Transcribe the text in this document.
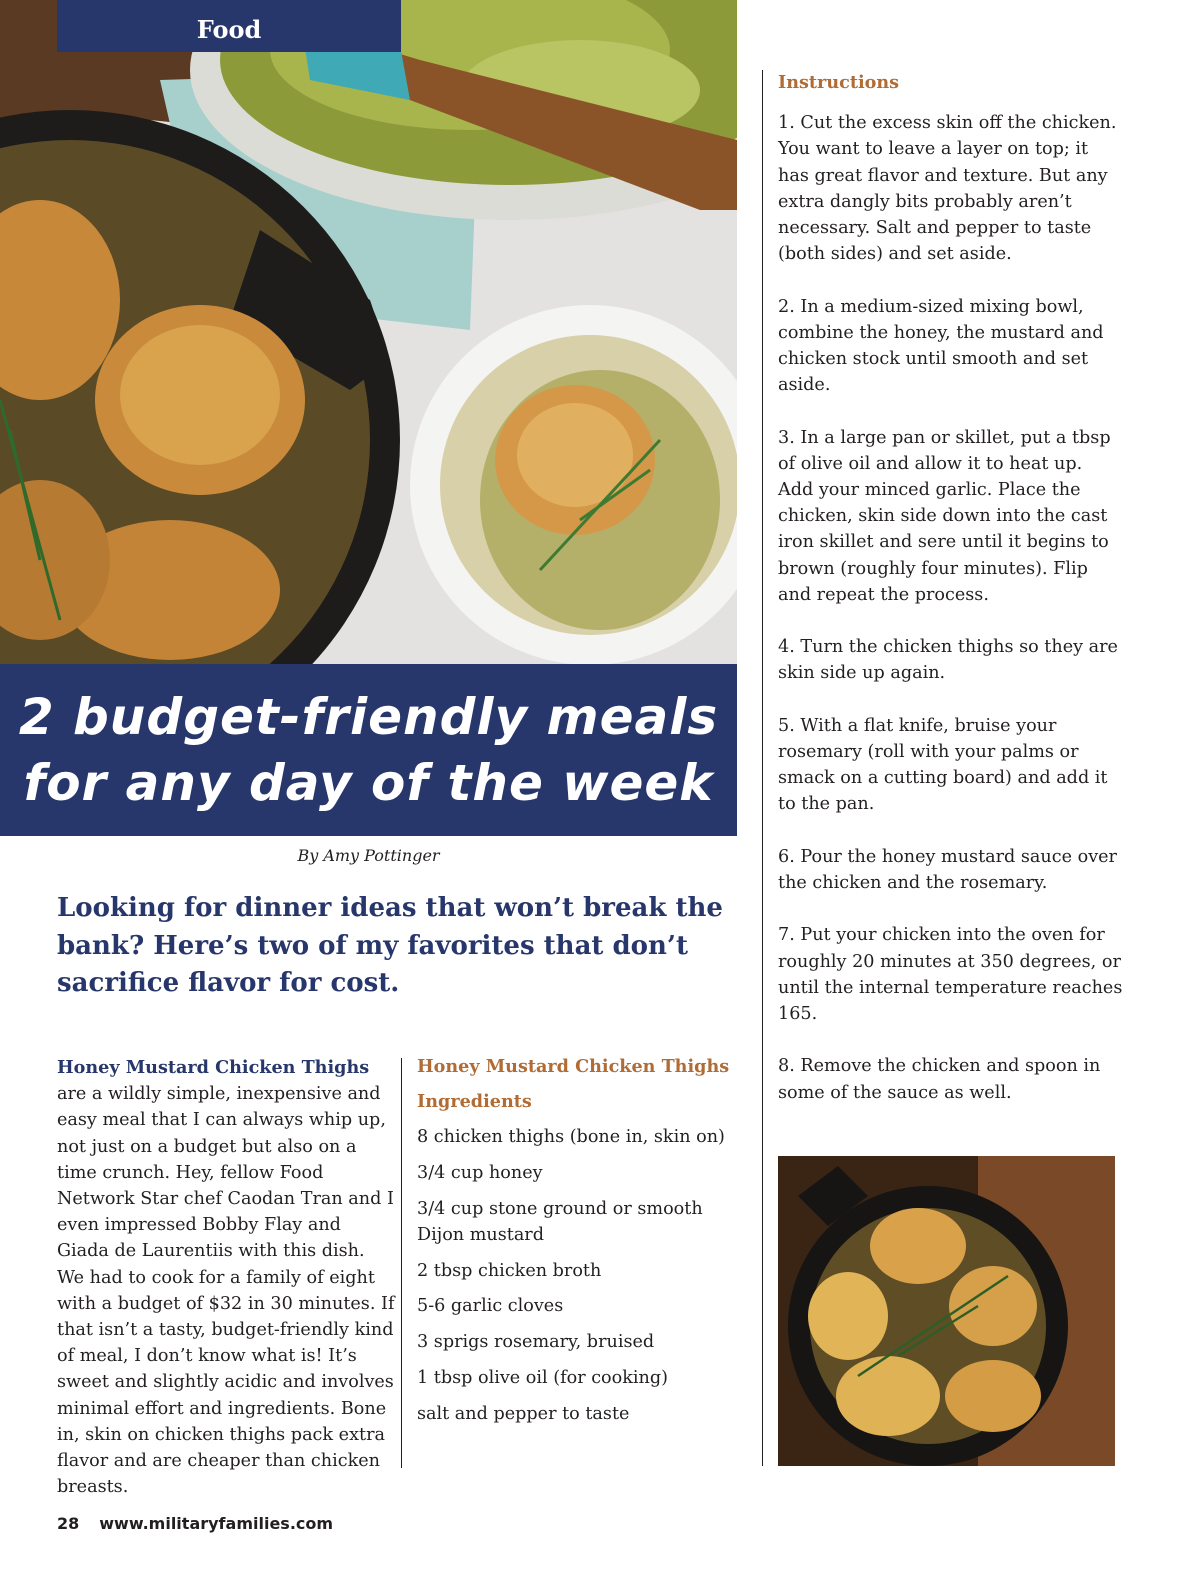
Food
2 budget-friendly meals
for any day of the week
By Amy Pottinger
Looking for dinner ideas that won’t break the bank? Here’s two of my favorites that don’t sacrifice flavor for cost.

Honey Mustard Chicken Thighs
are a wildly simple, inexpensive and easy meal that I can always whip up, not just on a budget but also on a time crunch. Hey, fellow Food Network Star chef Caodan Tran and I even impressed Bobby Flay and Giada de Laurentiis with this dish. We had to cook for a family of eight with a budget of $32 in 30 minutes. If that isn’t a tasty, budget-friendly kind of meal, I don’t know what is! It’s sweet and slightly acidic and involves minimal effort and ingredients. Bone in, skin on chicken thighs pack extra flavor and are cheaper than chicken breasts.

Honey Mustard Chicken Thighs
Ingredients
8 chicken thighs (bone in, skin on)
3/4 cup honey
3/4 cup stone ground or smooth Dijon mustard
2 tbsp chicken broth
5-6 garlic cloves
3 sprigs rosemary, bruised
1 tbsp olive oil (for cooking)
salt and pepper to taste
Instructions
1. Cut the excess skin off the chicken. You want to leave a layer on top; it has great flavor and texture. But any extra dangly bits probably aren’t necessary. Salt and pepper to taste (both sides) and set aside.
2. In a medium-sized mixing bowl, combine the honey, the mustard and chicken stock until smooth and set aside.
3. In a large pan or skillet, put a tbsp of olive oil and allow it to heat up. Add your minced garlic. Place the chicken, skin side down into the cast iron skillet and sere until it begins to brown (roughly four minutes). Flip and repeat the process.
4. Turn the chicken thighs so they are skin side up again.
5. With a flat knife, bruise your rosemary (roll with your palms or smack on a cutting board) and add it to the pan.
6. Pour the honey mustard sauce over the chicken and the rosemary.
7. Put your chicken into the oven for roughly 20 minutes at 350 degrees, or until the internal temperature reaches 165.
8. Remove the chicken and spoon in some of the sauce as well.
28 www.militaryfamilies.com
